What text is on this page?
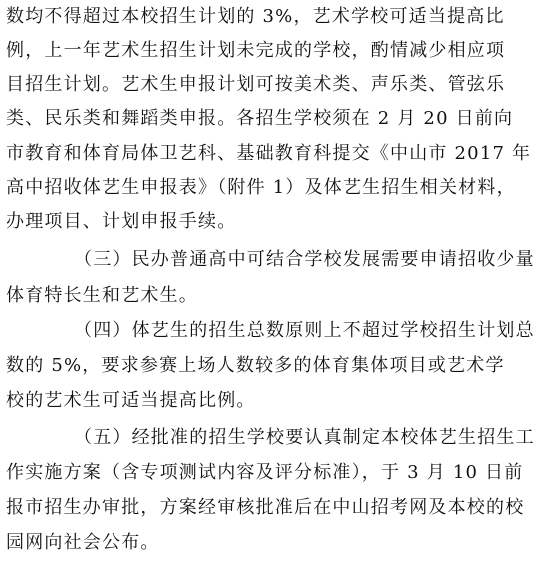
数均不得超过本校招生计划的 3%，艺术学校可适当提高比
例，上一年艺术生招生计划未完成的学校，酌情减少相应项
目招生计划。艺术生申报计划可按美术类、声乐类、管弦乐
类、民乐类和舞蹈类申报。各招生学校须在 2 月 20 日前向
市教育和体育局体卫艺科、基础教育科提交《中山市 2017 年
高中招收体艺生申报表》（附件 1）及体艺生招生相关材料，
办理项目、计划申报手续。
（三）民办普通高中可结合学校发展需要申请招收少量
体育特长生和艺术生。
（四）体艺生的招生总数原则上不超过学校招生计划总
数的 5%，要求参赛上场人数较多的体育集体项目或艺术学
校的艺术生可适当提高比例。
（五）经批准的招生学校要认真制定本校体艺生招生工
作实施方案（含专项测试内容及评分标准），于 3 月 10 日前
报市招生办审批，方案经审核批准后在中山招考网及本校的校
园网向社会公布。
